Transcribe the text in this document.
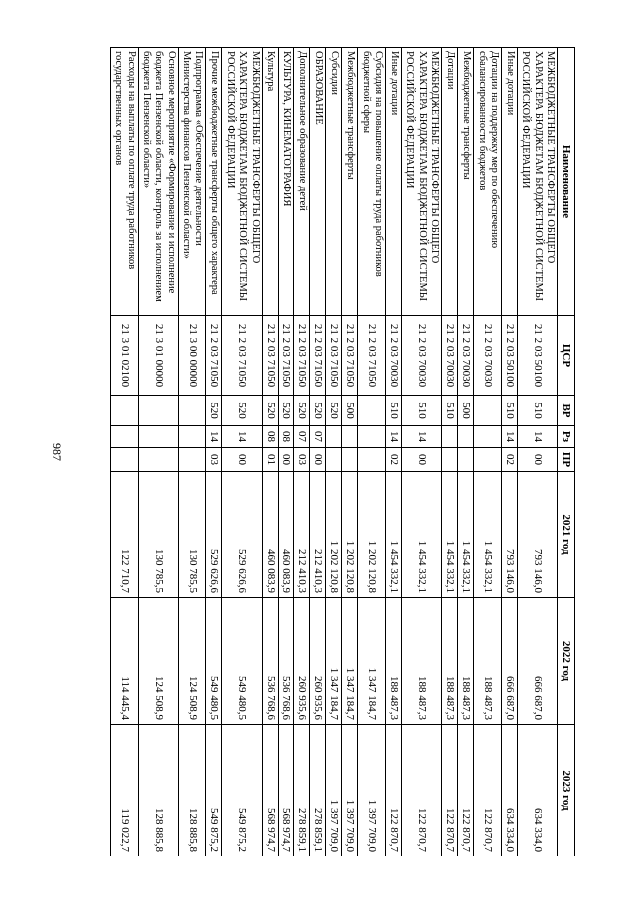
987
Наименование	ЦСР	ВР	Рз	ПР	2021 год	2022 год	2023 год
МЕЖБЮДЖЕТНЫЕ ТРАНСФЕРТЫ ОБЩЕГО ХАРАКТЕРА БЮДЖЕТАМ БЮДЖЕТНОЙ СИСТЕМЫ РОССИЙСКОЙ ФЕДЕРАЦИИ	21 2 03 50100	510	14	00	793 146,0	666 687,0	634 334,0
Иные дотации	21 2 03 50100	510	14	02	793 146,0	666 687,0	634 334,0
Дотации на поддержку мер по обеспечению сбалансированности бюджетов	21 2 03 70030				1 454 332,1	188 487,3	122 870,7
Межбюджетные трансферты	21 2 03 70030	500			1 454 332,1	188 487,3	122 870,7
Дотации	21 2 03 70030	510			1 454 332,1	188 487,3	122 870,7
МЕЖБЮДЖЕТНЫЕ ТРАНСФЕРТЫ ОБЩЕГО ХАРАКТЕРА БЮДЖЕТАМ БЮДЖЕТНОЙ СИСТЕМЫ РОССИЙСКОЙ ФЕДЕРАЦИИ	21 2 03 70030	510	14	00	1 454 332,1	188 487,3	122 870,7
Иные дотации	21 2 03 70030	510	14	02	1 454 332,1	188 487,3	122 870,7
Субсидия на повышение оплаты труда работников бюджетной сферы	21 2 03 71050				1 202 120,8	1 347 184,7	1 397 709,0
Межбюджетные трансферты	21 2 03 71050	500			1 202 120,8	1 347 184,7	1 397 709,0
Субсидии	21 2 03 71050	520			1 202 120,8	1 347 184,7	1 397 709,0
ОБРАЗОВАНИЕ	21 2 03 71050	520	07	00	212 410,3	260 935,6	278 859,1
Дополнительное образование детей	21 2 03 71050	520	07	03	212 410,3	260 935,6	278 859,1
КУЛЬТУРА, КИНЕМАТОГРАФИЯ	21 2 03 71050	520	08	00	460 083,9	536 768,6	568 974,7
Культура	21 2 03 71050	520	08	01	460 083,9	536 768,6	568 974,7
МЕЖБЮДЖЕТНЫЕ ТРАНСФЕРТЫ ОБЩЕГО ХАРАКТЕРА БЮДЖЕТАМ БЮДЖЕТНОЙ СИСТЕМЫ РОССИЙСКОЙ ФЕДЕРАЦИИ	21 2 03 71050	520	14	00	529 626,6	549 480,5	549 875,2
Прочие межбюджетные трансферты общего характера	21 2 03 71050	520	14	03	529 626,6	549 480,5	549 875,2
Подпрограмма «Обеспечение деятельности Министерства финансов Пензенской области»	21 3 00 00000				130 785,5	124 508,9	128 885,8
Основное мероприятие «Формирование и исполнение бюджета Пензенской области, контроль за исполнением бюджета Пензенской области»	21 3 01 00000				130 785,5	124 508,9	128 885,8
Расходы на выплаты по оплате труда работников государственных органов	21 3 01 02100				122 710,7	114 445,4	119 022,7
